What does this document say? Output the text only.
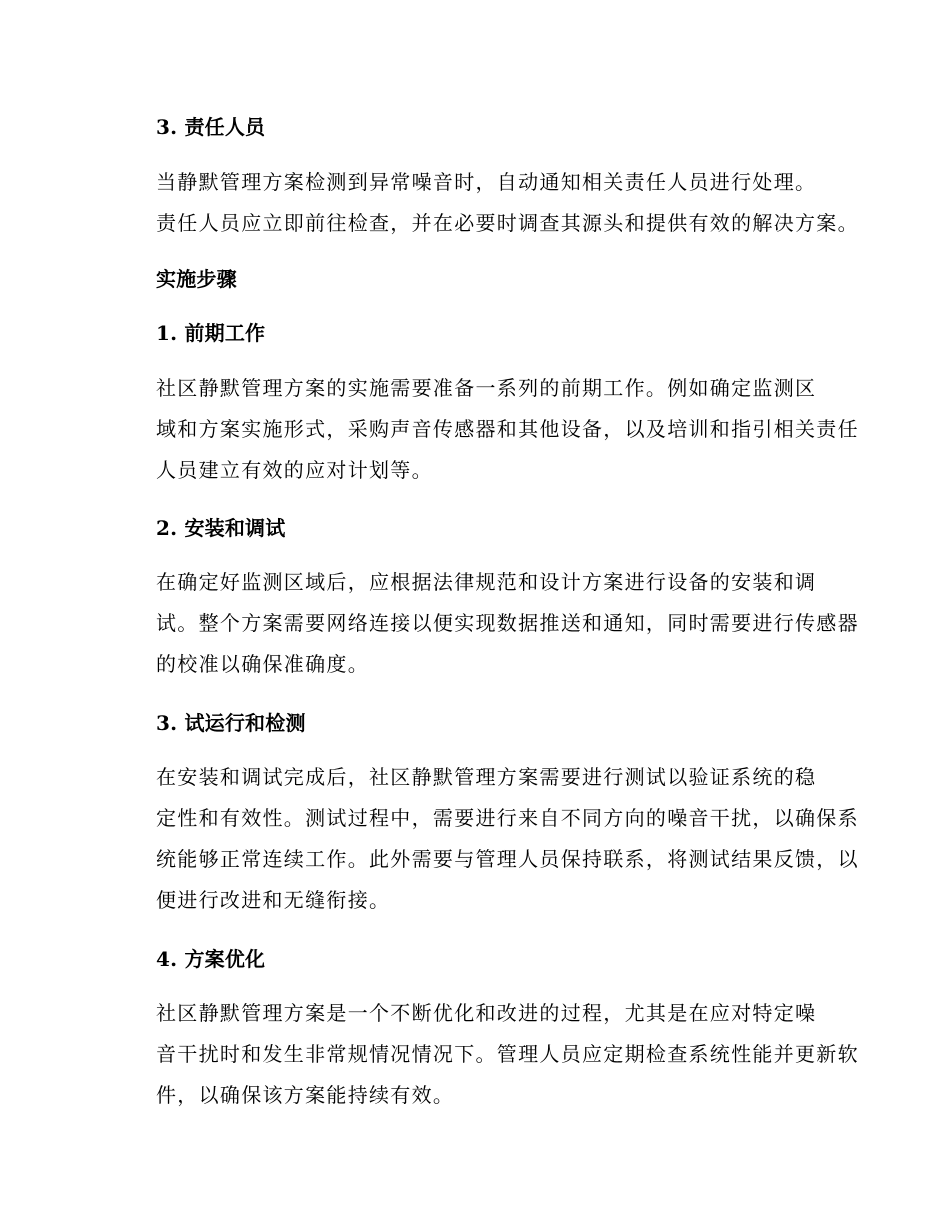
3. 责任人员

当静默管理方案检测到异常噪音时，自动通知相关责任人员进行处理。
责任人员应立即前往检查，并在必要时调查其源头和提供有效的解决方案。

实施步骤
1. 前期工作

社区静默管理方案的实施需要准备一系列的前期工作。例如确定监测区
域和方案实施形式，采购声音传感器和其他设备，以及培训和指引相关责任
人员建立有效的应对计划等。

2. 安装和调试

在确定好监测区域后，应根据法律规范和设计方案进行设备的安装和调
试。整个方案需要网络连接以便实现数据推送和通知，同时需要进行传感器
的校准以确保准确度。

3. 试运行和检测

在安装和调试完成后，社区静默管理方案需要进行测试以验证系统的稳
定性和有效性。测试过程中，需要进行来自不同方向的噪音干扰，以确保系
统能够正常连续工作。此外需要与管理人员保持联系，将测试结果反馈，以
便进行改进和无缝衔接。

4. 方案优化

社区静默管理方案是一个不断优化和改进的过程，尤其是在应对特定噪
音干扰时和发生非常规情况情况下。管理人员应定期检查系统性能并更新软
件，以确保该方案能持续有效。
